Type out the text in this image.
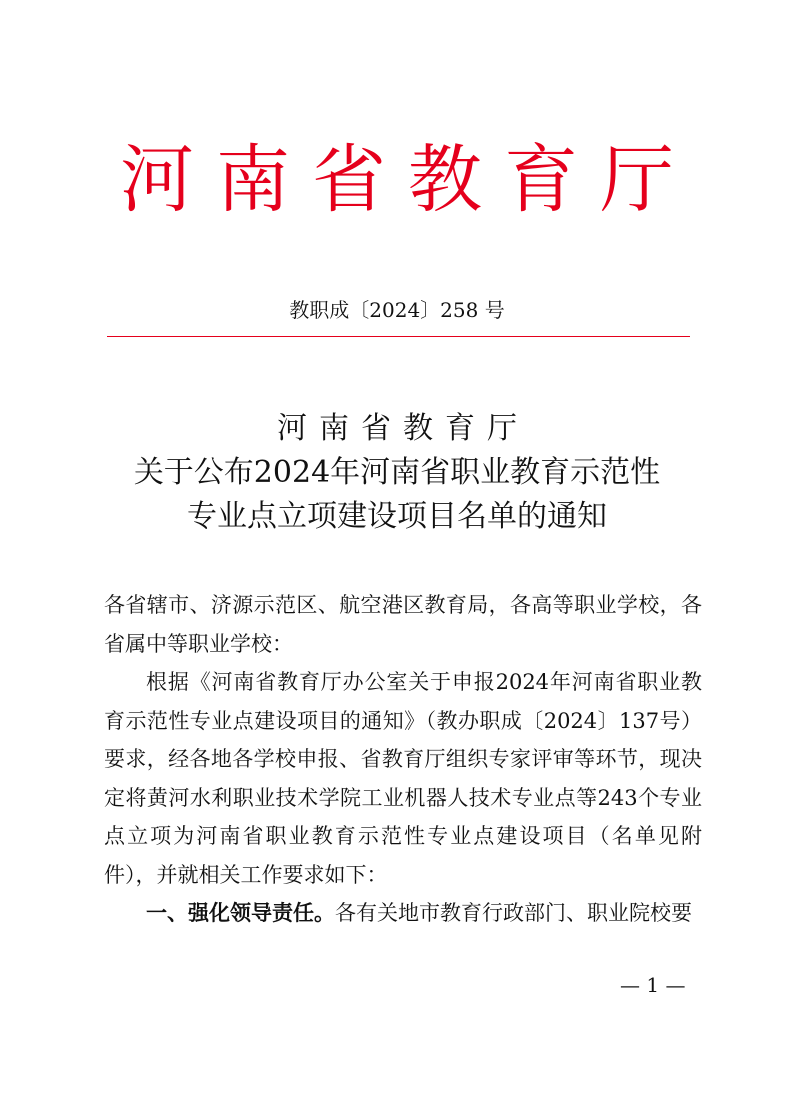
河南省教育厅
教职成〔2024〕258 号
河南省教育厅
关于公布2024年河南省职业教育示范性
专业点立项建设项目名单的通知

各省辖市、济源示范区、航空港区教育局，各高等职业学校，各省属中等职业学校：

根据《河南省教育厅办公室关于申报2024年河南省职业教育示范性专业点建设项目的通知》（教办职成〔2024〕137号）要求，经各地各学校申报、省教育厅组织专家评审等环节，现决定将黄河水利职业技术学院工业机器人技术专业点等243个专业点立项为河南省职业教育示范性专业点建设项目（名单见附件），并就相关工作要求如下：

一、强化领导责任。各有关地市教育行政部门、职业院校要

— 1 —
